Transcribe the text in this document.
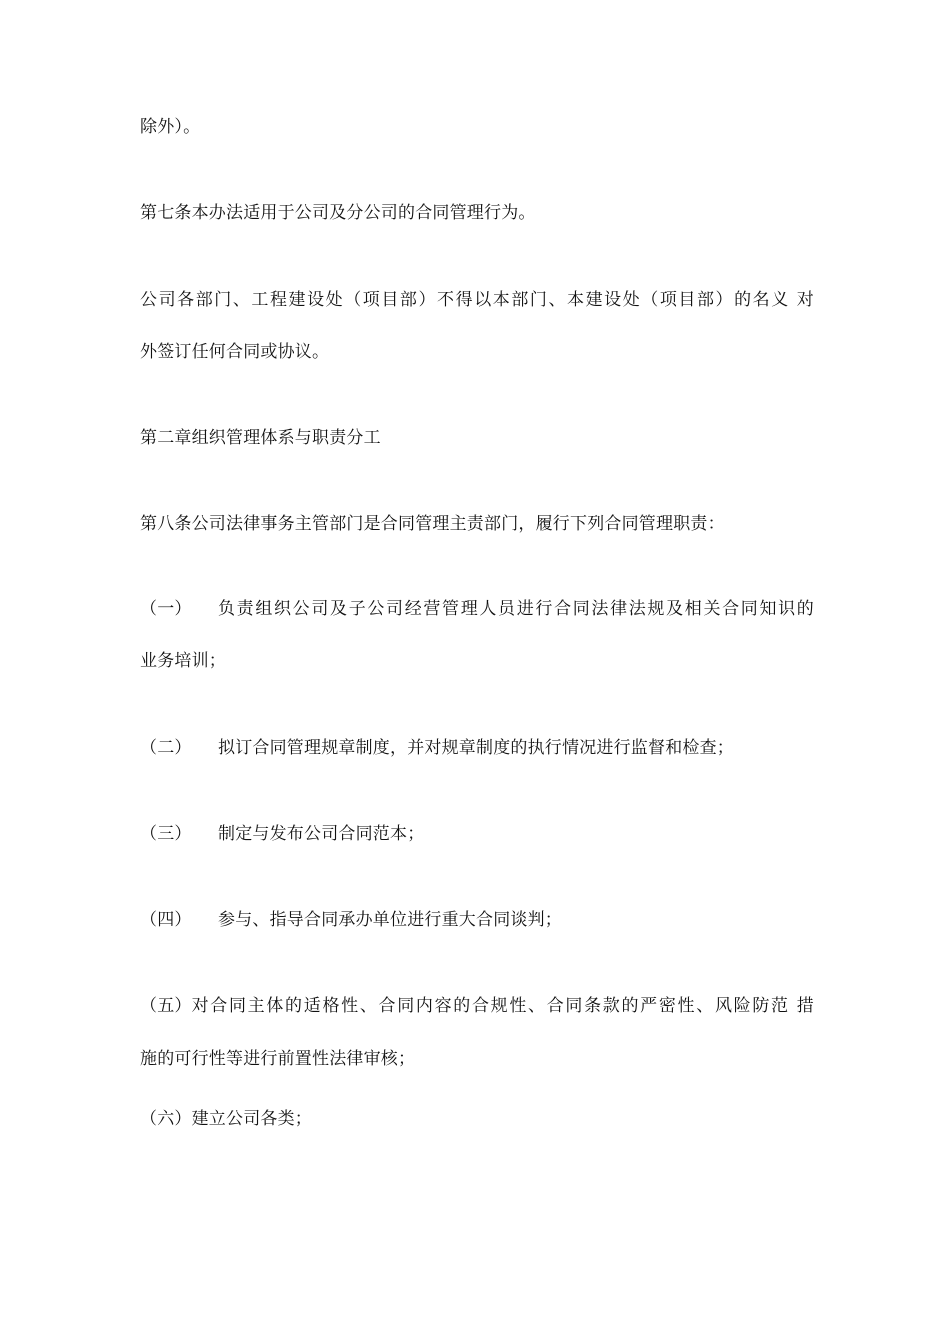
除外）。
第七条本办法适用于公司及分公司的合同管理行为。
公司各部门、工程建设处（项目部）不得以本部门、本建设处（项目部）的名义 对
外签订任何合同或协议。
第二章组织管理体系与职责分工
第八条公司法律事务主管部门是合同管理主责部门，履行下列合同管理职责：
（一）	负责组织公司及子公司经营管理人员进行合同法律法规及相关合同知识的
业务培训；
（二）	拟订合同管理规章制度，并对规章制度的执行情况进行监督和检查；
（三）	制定与发布公司合同范本；
（四）	参与、指导合同承办单位进行重大合同谈判；
（五） 对合同主体的适格性、合同内容的合规性、合同条款的严密性、风险防范 措
施的可行性等进行前置性法律审核；
（六） 建立公司各类；
